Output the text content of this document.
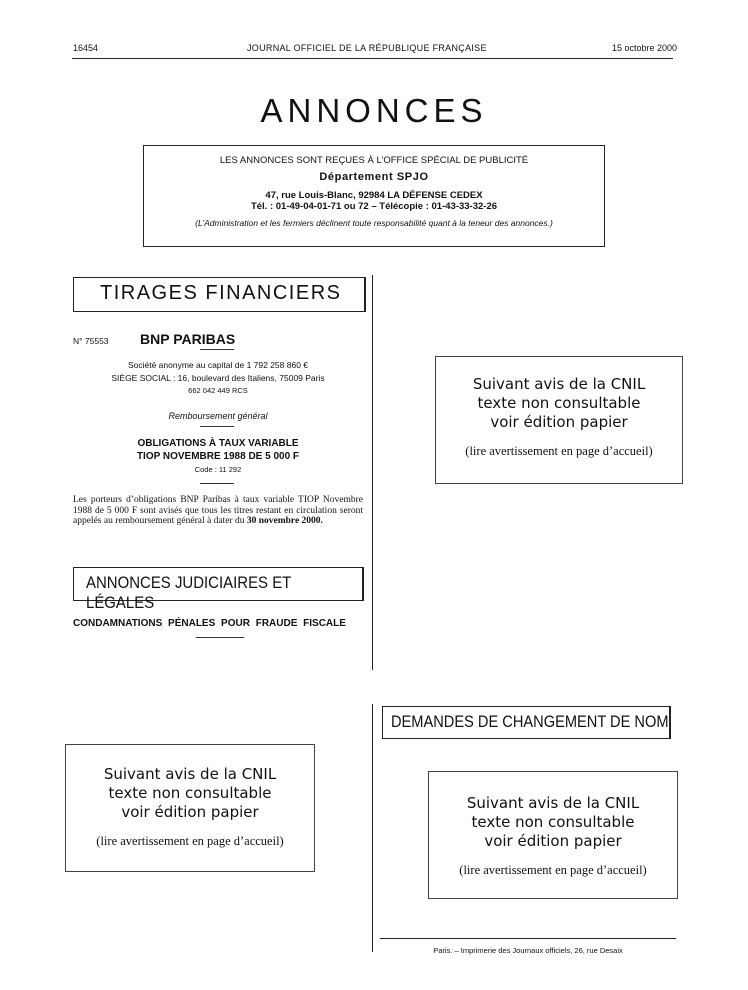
16454	JOURNAL OFFICIEL DE LA RÉPUBLIQUE FRANÇAISE	15 octobre 2000
ANNONCES
LES ANNONCES SONT REÇUES À L’OFFICE SPÉCIAL DE PUBLICITÉ
Département SPJO
47, rue Louis-Blanc, 92984 LA DÉFENSE CEDEX
Tél. : 01-49-04-01-71 ou 72 – Télécopie : 01-43-33-32-26
(L’Administration et les fermiers déclinent toute responsabilité quant à la teneur des annonces.)
TIRAGES FINANCIERS
N° 75553 BNP PARIBAS
Société anonyme au capital de 1 792 258 860 €
SIÈGE SOCIAL : 16, boulevard des Italiens, 75009 Paris
662 042 449 RCS
Remboursement général
OBLIGATIONS À TAUX VARIABLE
TIOP NOVEMBRE 1988 DE 5 000 F
Code : 11 292
Les porteurs d’obligations BNP Paribas à taux variable TIOP Novembre 1988 de 5 000 F sont avisés que tous les titres restant en circulation seront appelés au remboursement général à dater du 30 novembre 2000.
ANNONCES JUDICIAIRES ET LÉGALES
CONDAMNATIONS PÉNALES POUR FRAUDE FISCALE
Suivant avis de la CNIL
texte non consultable
voir édition papier
(lire avertissement en page d’accueil)
Suivant avis de la CNIL
texte non consultable
voir édition papier
(lire avertissement en page d’accueil)
DEMANDES DE CHANGEMENT DE NOM
Suivant avis de la CNIL
texte non consultable
voir édition papier
(lire avertissement en page d’accueil)
Paris. – Imprimerie des Journaux officiels, 26, rue Desaix
